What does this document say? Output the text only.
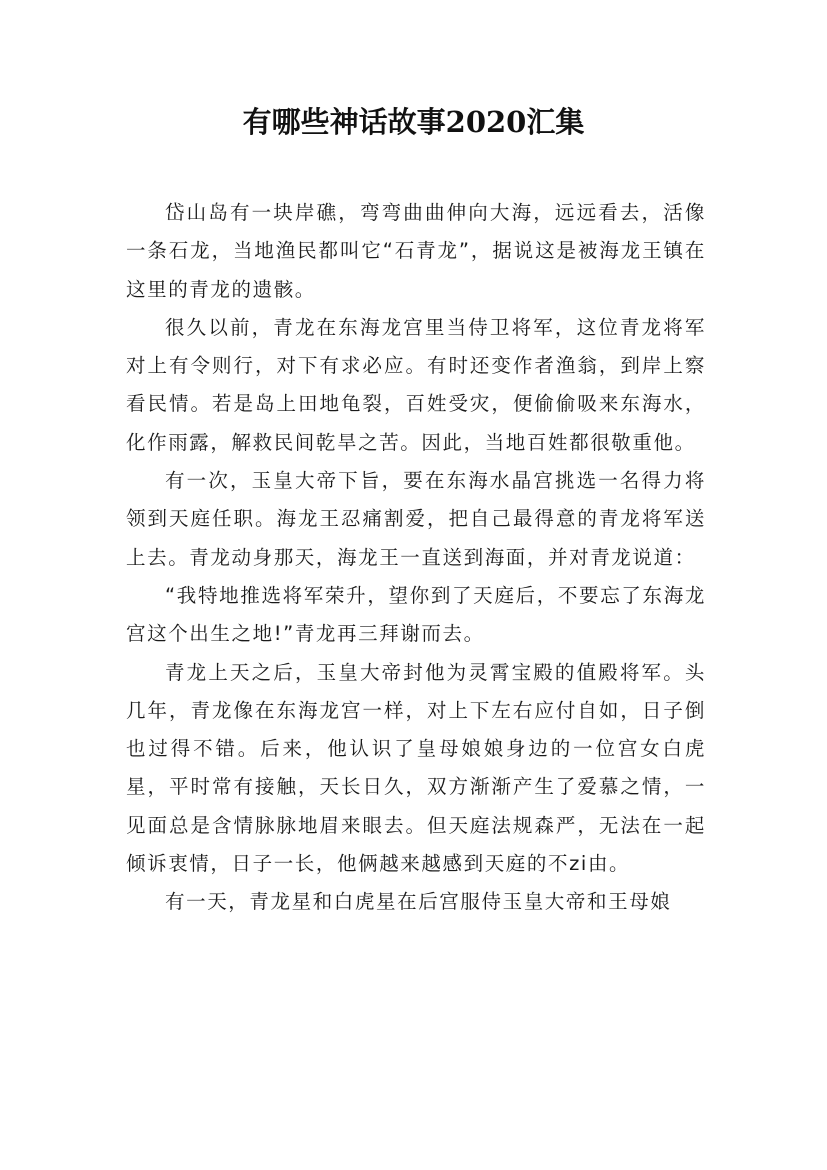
有哪些神话故事2020汇集

岱山岛有一块岸礁，弯弯曲曲伸向大海，远远看去，活像一条石龙，当地渔民都叫它“石青龙”，据说这是被海龙王镇在这里的青龙的遗骸。

很久以前，青龙在东海龙宫里当侍卫将军，这位青龙将军对上有令则行，对下有求必应。有时还变作者渔翁，到岸上察看民情。若是岛上田地龟裂，百姓受灾，便偷偷吸来东海水，化作雨露，解救民间乾旱之苦。因此，当地百姓都很敬重他。

有一次，玉皇大帝下旨，要在东海水晶宫挑选一名得力将领到天庭任职。海龙王忍痛割爱，把自己最得意的青龙将军送上去。青龙动身那天，海龙王一直送到海面，并对青龙说道：

“我特地推选将军荣升，望你到了天庭后，不要忘了东海龙宫这个出生之地!”青龙再三拜谢而去。

青龙上天之后，玉皇大帝封他为灵霄宝殿的值殿将军。头几年，青龙像在东海龙宫一样，对上下左右应付自如，日子倒也过得不错。后来，他认识了皇母娘娘身边的一位宫女白虎星，平时常有接触，天长日久，双方渐渐产生了爱慕之情，一见面总是含情脉脉地眉来眼去。但天庭法规森严，无法在一起倾诉衷情，日子一长，他俩越来越感到天庭的不zi由。

有一天，青龙星和白虎星在后宫服侍玉皇大帝和王母娘
